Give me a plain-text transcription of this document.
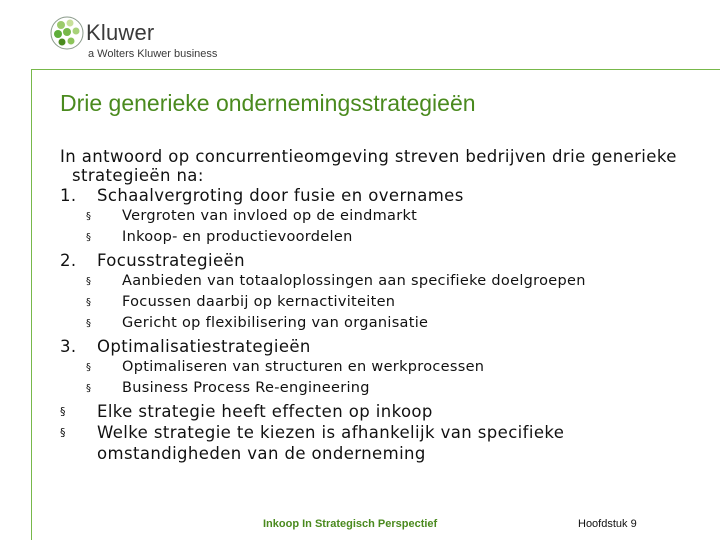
Kluwer
a Wolters Kluwer business
Drie generieke ondernemingsstrategieën
In antwoord op concurrentieomgeving streven bedrijven drie generieke strategieën na:
1. Schaalvergroting door fusie en overnames
§ Vergroten van invloed op de eindmarkt
§ Inkoop- en productievoordelen
2. Focusstrategieën
§ Aanbieden van totaaloplossingen aan specifieke doelgroepen
§ Focussen daarbij op kernactiviteiten
§ Gericht op flexibilisering van organisatie
3. Optimalisatiestrategieën
§ Optimaliseren van structuren en werkprocessen
§ Business Process Re-engineering
§ Elke strategie heeft effecten op inkoop
§ Welke strategie te kiezen is afhankelijk van specifieke omstandigheden van de onderneming
Inkoop In Strategisch Perspectief	Hoofdstuk 9
